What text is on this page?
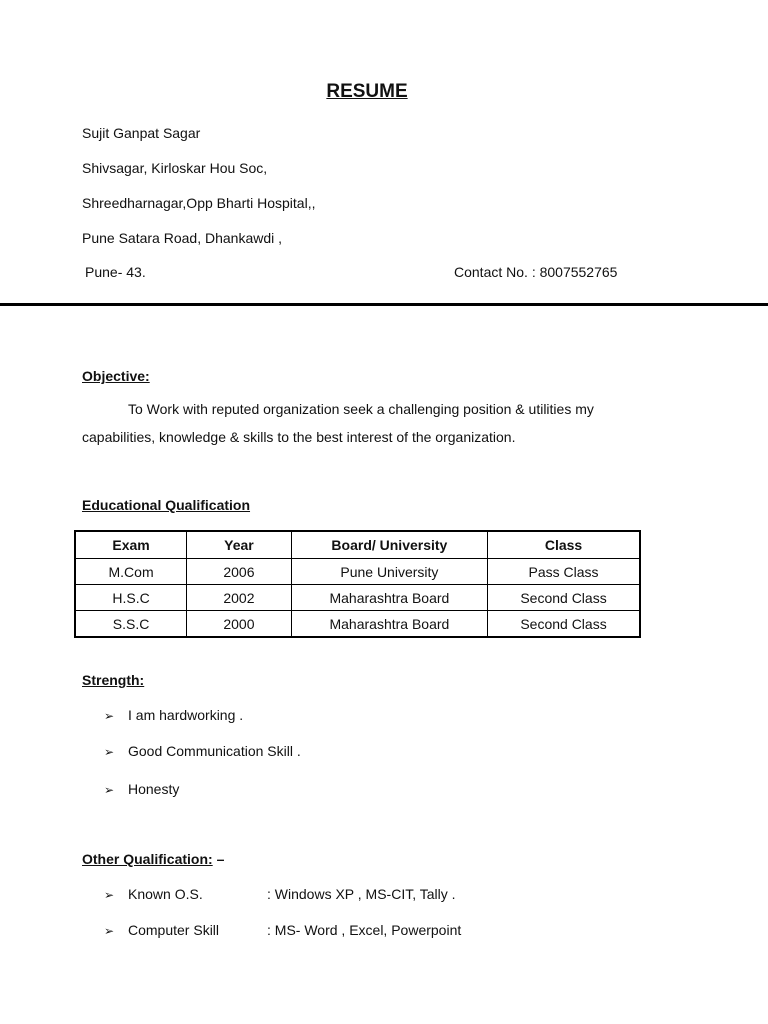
RESUME
Sujit Ganpat Sagar
Shivsagar, Kirloskar Hou Soc,
Shreedharnagar,Opp Bharti Hospital,,
Pune Satara Road, Dhankawdi ,
Pune- 43.	Contact No. : 8007552765
Objective:
To Work with reputed organization seek a challenging position & utilities my
capabilities, knowledge & skills to the best interest of the organization.
Educational Qualification
Exam	Year	Board/ University	Class
M.Com	2006	Pune University	Pass Class
H.S.C	2002	Maharashtra Board	Second Class
S.S.C	2000	Maharashtra Board	Second Class
Strength:
➢ I am hardworking .
➢ Good Communication Skill .
➢ Honesty
Other Qualification: –
➢ Known O.S.	: Windows XP , MS-CIT, Tally .
➢ Computer Skill	: MS- Word , Excel, Powerpoint
